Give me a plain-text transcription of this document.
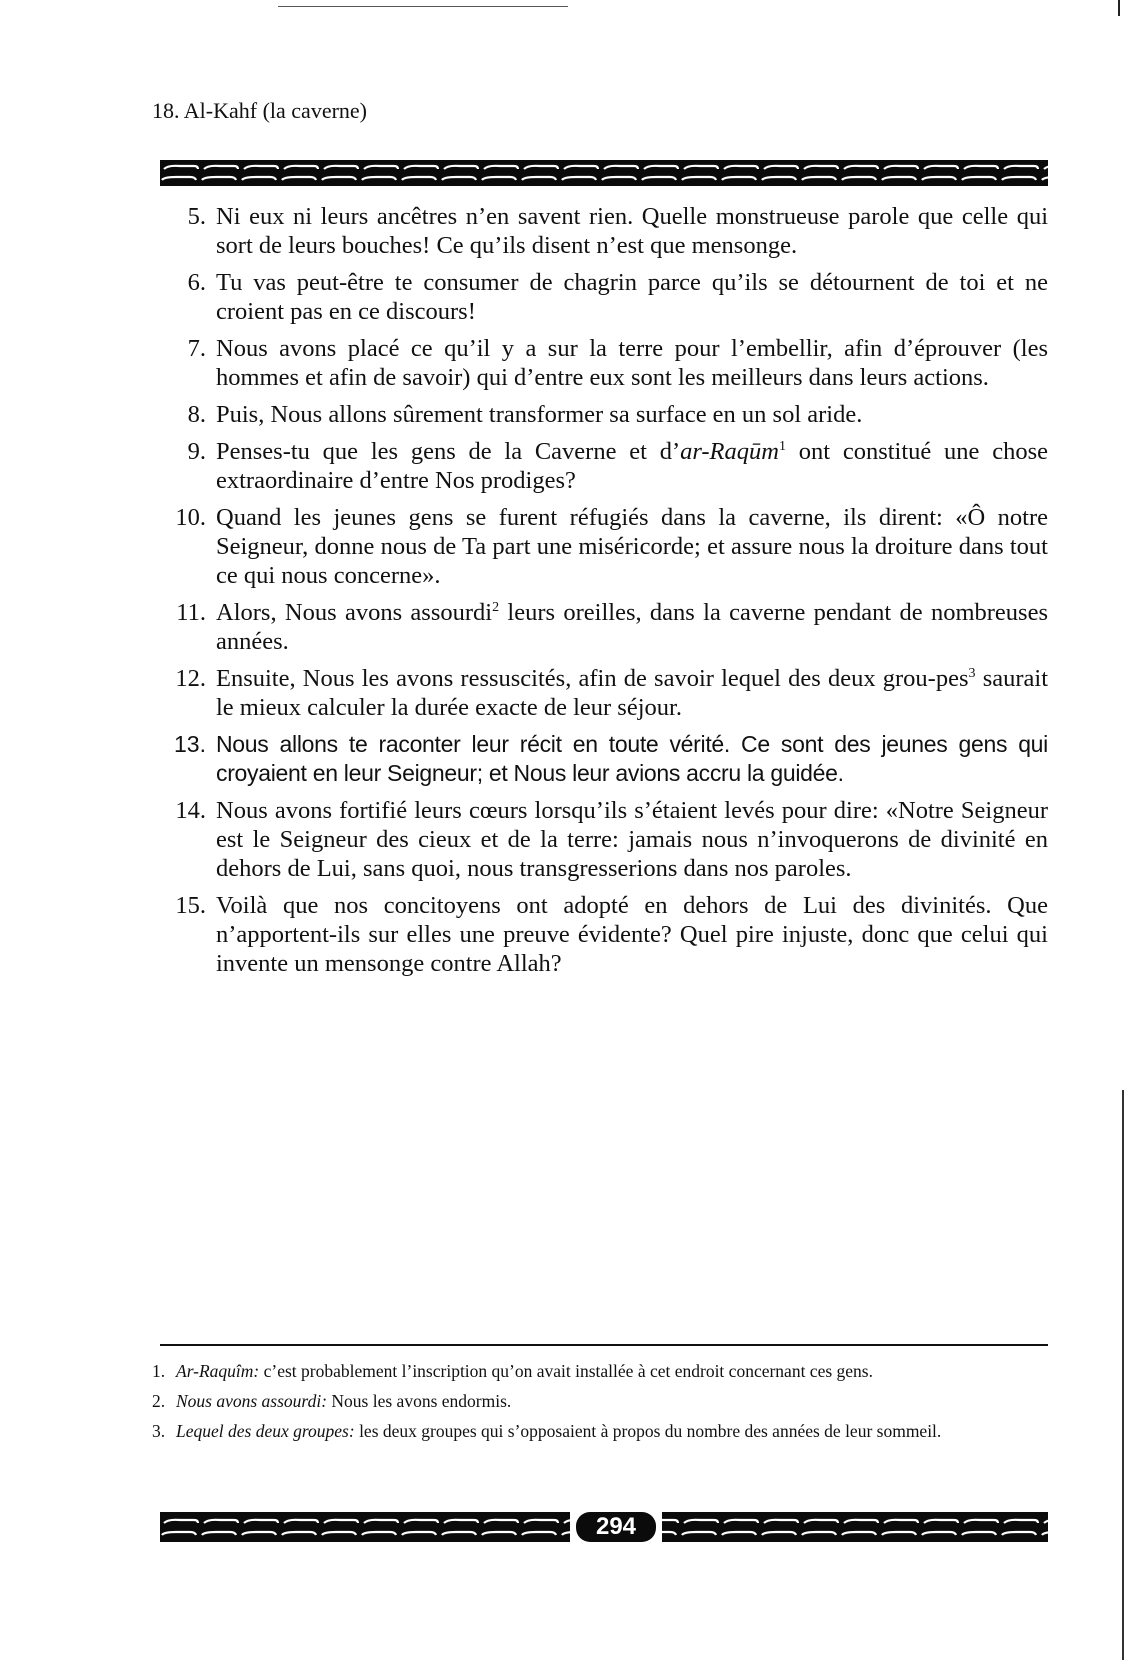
18. Al-Kahf (la caverne)
5. Ni eux ni leurs ancêtres n’en savent rien. Quelle monstrueuse parole que celle qui sort de leurs bouches! Ce qu’ils disent n’est que mensonge.
6. Tu vas peut-être te consumer de chagrin parce qu’ils se détournent de toi et ne croient pas en ce discours!
7. Nous avons placé ce qu’il y a sur la terre pour l’embellir, afin d’éprouver (les hommes et afin de savoir) qui d’entre eux sont les meilleurs dans leurs actions.
8. Puis, Nous allons sûrement transformer sa surface en un sol aride.
9. Penses-tu que les gens de la Caverne et d’ar-Raqūm$^1$ ont constitué une chose extraordinaire d’entre Nos prodiges?
10. Quand les jeunes gens se furent réfugiés dans la caverne, ils dirent: «Ô notre Seigneur, donne nous de Ta part une miséricorde; et assure nous la droiture dans tout ce qui nous concerne».
11. Alors, Nous avons assourdi$^2$ leurs oreilles, dans la caverne pendant de nombreuses années.
12. Ensuite, Nous les avons ressuscités, afin de savoir lequel des deux grou-pes$^3$ saurait le mieux calculer la durée exacte de leur séjour.
13. Nous allons te raconter leur récit en toute vérité. Ce sont des jeunes gens qui croyaient en leur Seigneur; et Nous leur avions accru la guidée.
14. Nous avons fortifié leurs cœurs lorsqu’ils s’étaient levés pour dire: «Notre Seigneur est le Seigneur des cieux et de la terre: jamais nous n’invoquerons de divinité en dehors de Lui, sans quoi, nous transgresserions dans nos paroles.
15. Voilà que nos concitoyens ont adopté en dehors de Lui des divinités. Que n’apportent-ils sur elles une preuve évidente? Quel pire injuste, donc que celui qui invente un mensonge contre Allah?
1. Ar-Raquîm: c’est probablement l’inscription qu’on avait installée à cet endroit concernant ces gens.
2. Nous avons assourdi: Nous les avons endormis.
3. Lequel des deux groupes: les deux groupes qui s’opposaient à propos du nombre des années de leur sommeil.
294
